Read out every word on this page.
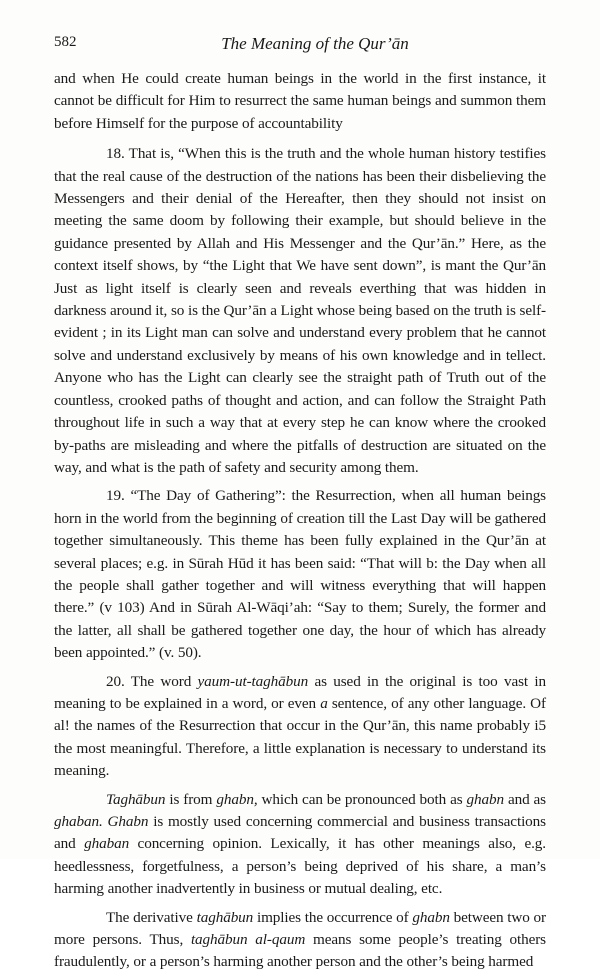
582	The Meaning of the Qur’ān

and when He could create human beings in the world in the first instance, it cannot be difficult for Him to resurrect the same human beings and summon them before Himself for the purpose of accountability

18. That is, “When this is the truth and the whole human history testifies that the real cause of the destruction of the nations has been their disbelieving the Messengers and their denial of the Hereafter, then they should not insist on meeting the same doom by following their example, but should believe in the guidance presented by Allah and His Messenger and the Qur’ān.” Here, as the context itself shows, by “the Light that We have sent down”, is mant the Qur’ān Just as light itself is clearly seen and reveals everthing that was hidden in darkness around it, so is the Qur’ān a Light whose being based on the truth is self-evident ; in its Light man can solve and understand every problem that he cannot solve and understand exclusively by means of his own knowledge and in tellect. Anyone who has the Light can clearly see the straight path of Truth out of the countless, crooked paths of thought and action, and can follow the Straight Path throughout life in such a way that at every step he can know where the crooked by-paths are misleading and where the pitfalls of destruction are situated on the way, and what is the path of safety and security among them.

19. “The Day of Gathering”: the Resurrection, when all human beings horn in the world from the beginning of creation till the Last Day will be gathered together simultaneously. This theme has been fully explained in the Qur’ān at several places; e.g. in Sūrah Hūd it has been said: “That will b: the Day when all the people shall gather together and will witness everything that will happen there.” (v 103) And in Sūrah Al-Wāqi’ah: “Say to them; Surely, the former and the latter, all shall be gathered together one day, the hour of which has already been appointed.” (v. 50).

20. The word yaum-ut-taghābun as used in the original is too vast in meaning to be explained in a word, or even a sentence, of any other language. Of al! the names of the Resurrection that occur in the Qur’ān, this name probably i5 the most meaningful. Therefore, a little explanation is necessary to understand its meaning.

Taghābun is from ghabn, which can be pronounced both as ghabn and as ghaban. Ghabn is mostly used concerning commercial and business transactions and ghaban concerning opinion. Lexically, it has other meanings also, e.g. heedlessness, forgetfulness, a person’s being deprived of his share, a man’s harming another inadvertently in business or mutual dealing, etc.

The derivative taghābun implies the occurrence of ghabn between two or more persons. Thus, taghābun al-qaum means some people’s treating others fraudulently, or a person’s harming another person and the other’s being harmed
